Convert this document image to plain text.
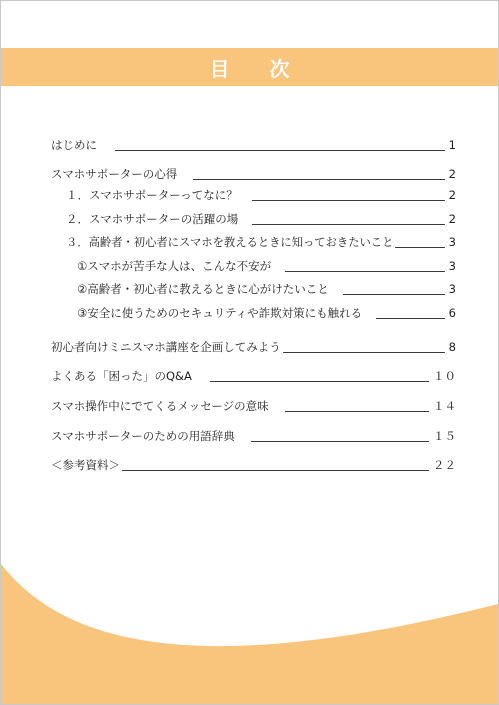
目次
はじめに	1
スマホサポーターの心得	2
１．スマホサポーターってなに？	2
２．スマホサポーターの活躍の場	2
３．高齢者・初心者にスマホを教えるときに知っておきたいこと	3
①スマホが苦手な人は、こんな不安が	3
②高齢者・初心者に教えるときに心がけたいこと	3
③安全に使うためのセキュリティや詐欺対策にも触れる	6
初心者向けミニスマホ講座を企画してみよう	8
よくある「困った」のQ&A	１０
スマホ操作中にでてくるメッセージの意味	１４
スマホサポーターのための用語辞典	１５
＜参考資料＞	２２
